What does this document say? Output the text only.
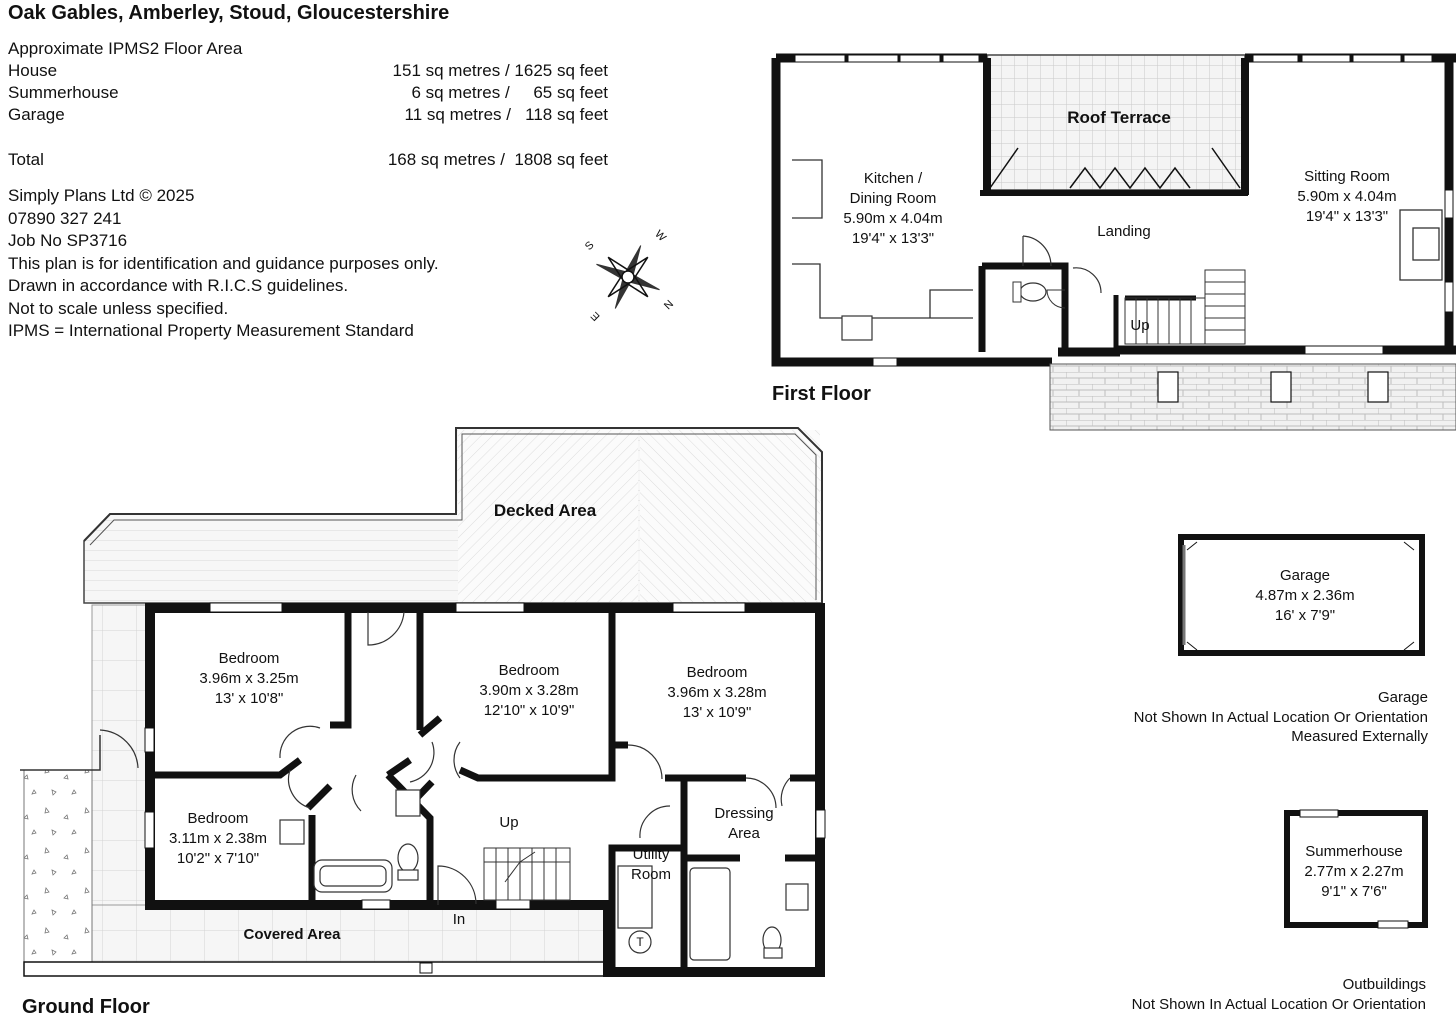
Oak Gables, Amberley, Stoud, Gloucestershire
Approximate IPMS2 Floor Area
House	151 sq metres / 1625 sq feet
Summerhouse	6 sq metres /     65 sq feet
Garage	11 sq metres /   118 sq feet
Total	168 sq metres /  1808 sq feet
Simply Plans Ltd © 2025
07890 327 241
Job No SP3716
This plan is for identification and guidance purposes only.
Drawn in accordance with R.I.C.S guidelines.
Not to scale unless specified.
IPMS = International Property Measurement Standard
S
W
E
N
First Floor
Roof Terrace
Kitchen /
Dining Room
5.90m x 4.04m
19'4" x 13'3"
Sitting Room
5.90m x 4.04m
19'4" x 13'3"
Landing
Up
Ground Floor
Decked Area
Covered Area
Bedroom
3.96m x 3.25m
13' x 10'8"
Bedroom
3.90m x 3.28m
12'10" x 10'9"
Bedroom
3.96m x 3.28m
13' x 10'9"
Bedroom
3.11m x 2.38m
10'2" x 7'10"
Dressing
Area
Utility
Room
Up
In
T
Garage
4.87m x 2.36m
16' x 7'9"
Garage
Not Shown In Actual Location Or Orientation
Measured Externally
Summerhouse
2.77m x 2.27m
9'1" x 7'6"
Outbuildings
Not Shown In Actual Location Or Orientation
